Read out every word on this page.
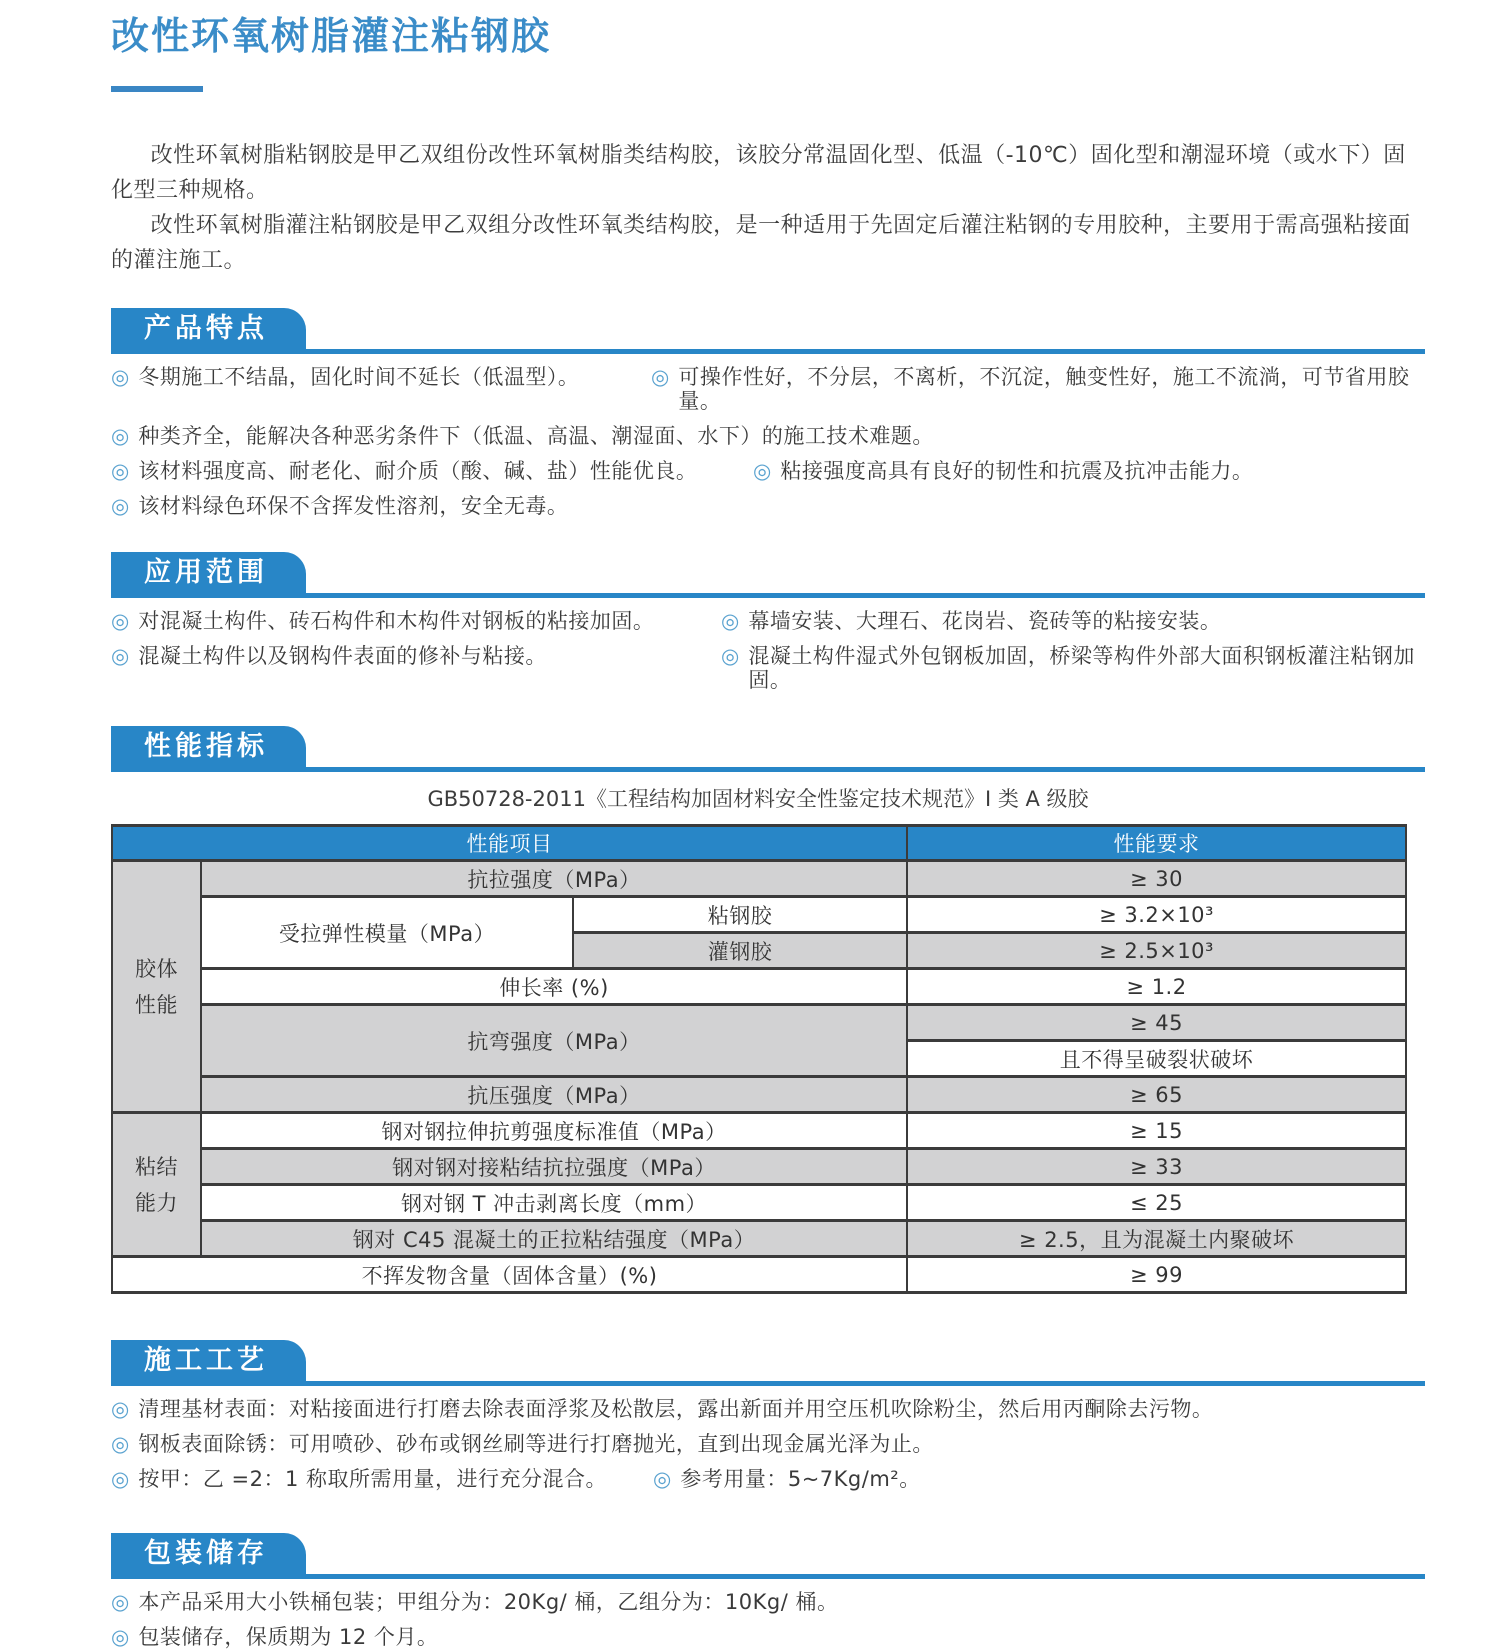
改性环氧树脂灌注粘钢胶

改性环氧树脂粘钢胶是甲乙双组份改性环氧树脂类结构胶，该胶分常温固化型、低温（-10℃）固化型和潮湿环境（或水下）固化型三种规格。

改性环氧树脂灌注粘钢胶是甲乙双组分改性环氧类结构胶，是一种适用于先固定后灌注粘钢的专用胶种，主要用于需高强粘接面的灌注施工。

产品特点
◎ 冬期施工不结晶，固化时间不延长（低温型）。	◎ 可操作性好，不分层，不离析，不沉淀，触变性好，施工不流淌，可节省用胶量。
◎ 种类齐全，能解决各种恶劣条件下（低温、高温、潮湿面、水下）的施工技术难题。
◎ 该材料强度高、耐老化、耐介质（酸、碱、盐）性能优良。	◎ 粘接强度高具有良好的韧性和抗震及抗冲击能力。
◎ 该材料绿色环保不含挥发性溶剂，安全无毒。
应用范围
◎ 对混凝土构件、砖石构件和木构件对钢板的粘接加固。	◎ 幕墙安装、大理石、花岗岩、瓷砖等的粘接安装。
◎ 混凝土构件以及钢构件表面的修补与粘接。	◎ 混凝土构件湿式外包钢板加固，桥梁等构件外部大面积钢板灌注粘钢加固。
性能指标
GB50728-2011《工程结构加固材料安全性鉴定技术规范》I 类 A 级胶
性能项目			性能要求
胶体性能	抗拉强度（MPa）		≥ 30
	受拉弹性模量（MPa）	粘钢胶	≥ 3.2×10³
		灌钢胶	≥ 2.5×10³
	伸长率 (%)		≥ 1.2
	抗弯强度（MPa）		≥ 45
			且不得呈破裂状破坏
	抗压强度（MPa）		≥ 65
粘结能力	钢对钢拉伸抗剪强度标准值（MPa）		≥ 15
	钢对钢对接粘结抗拉强度（MPa）		≥ 33
	钢对钢 T 冲击剥离长度（mm）		≤ 25
	钢对 C45 混凝土的正拉粘结强度（MPa）		≥ 2.5，且为混凝土内聚破坏
不挥发物含量（固体含量）(%)			≥ 99
施工工艺
◎ 清理基材表面：对粘接面进行打磨去除表面浮浆及松散层，露出新面并用空压机吹除粉尘，然后用丙酮除去污物。
◎ 钢板表面除锈：可用喷砂、砂布或钢丝刷等进行打磨抛光，直到出现金属光泽为止。
◎ 按甲：乙 =2：1 称取所需用量，进行充分混合。 ◎ 参考用量：5~7Kg/m²。
包装储存
◎ 本产品采用大小铁桶包装；甲组分为：20Kg/ 桶，乙组分为：10Kg/ 桶。
◎ 包装储存，保质期为 12 个月。
